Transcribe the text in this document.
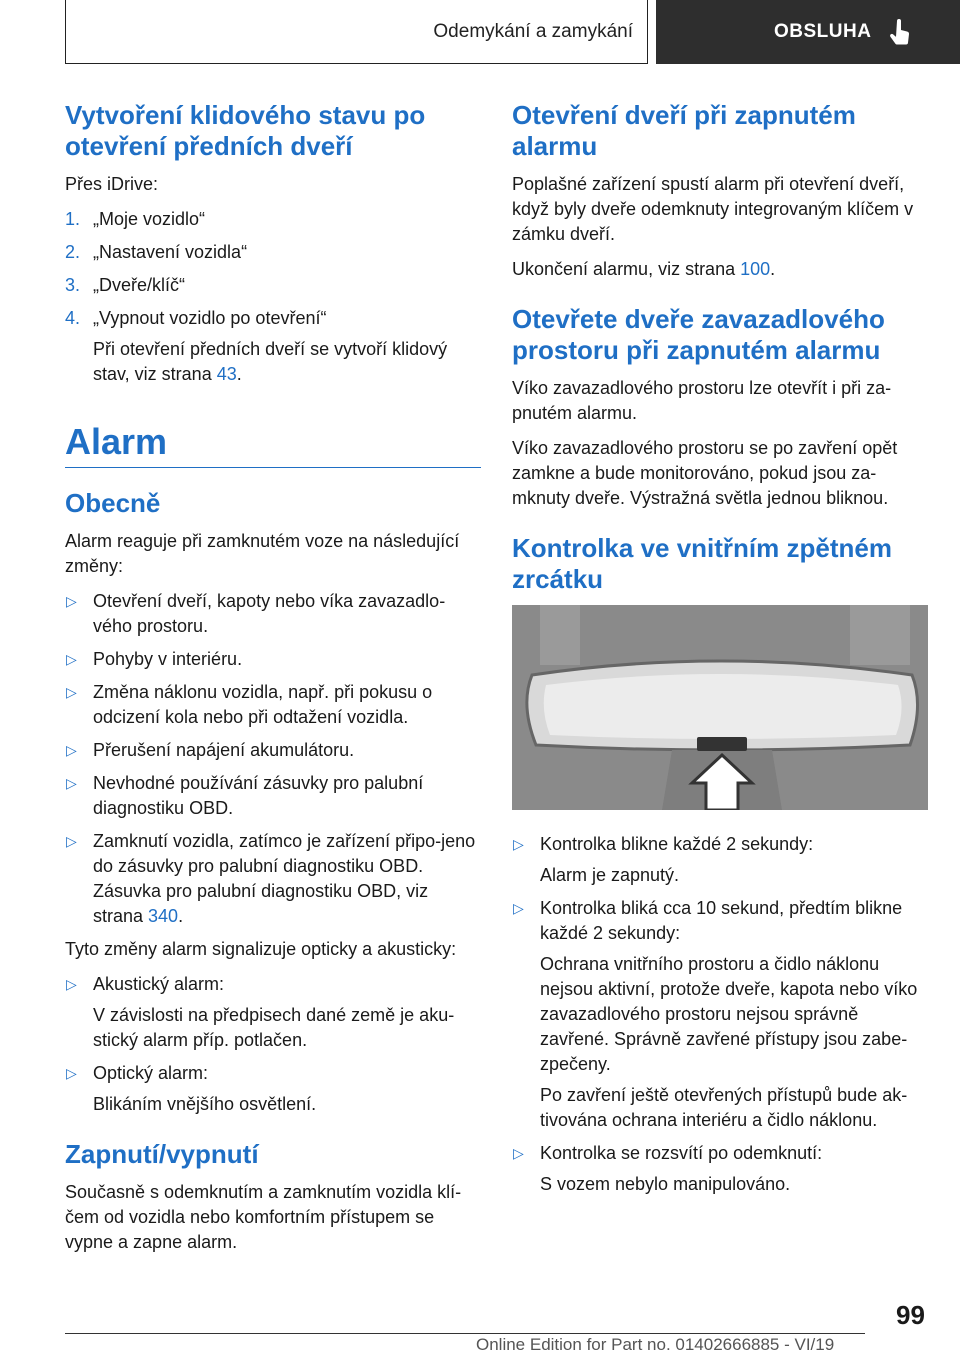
Odemykání a zamykání	OBSLUHA
Vytvoření klidového stavu po otevření předních dveří

Přes iDrive:

1. „Moje vozidlo“
2. „Nastavení vozidla“
3. „Dveře/klíč“
4. „Vypnout vozidlo po otevření“
Při otevření předních dveří se vytvoří klidový stav, viz strana 43.
Alarm
Obecně

Alarm reaguje při zamknutém voze na následující změny:

▷ Otevření dveří, kapoty nebo víka zavazadlo-vého prostoru.
▷ Pohyby v interiéru.
▷ Změna náklonu vozidla, např. při pokusu o odcizení kola nebo při odtažení vozidla.
▷ Přerušení napájení akumulátoru.
▷ Nevhodné používání zásuvky pro palubní diagnostiku OBD.
▷ Zamknutí vozidla, zatímco je zařízení připo-jeno do zásuvky pro palubní diagnostiku OBD. Zásuvka pro palubní diagnostiku OBD, viz strana 340.

Tyto změny alarm signalizuje opticky a akusticky:

▷ Akustický alarm:
V závislosti na předpisech dané země je aku-stický alarm příp. potlačen.
▷ Optický alarm:
Blikáním vnějšího osvětlení.
Zapnutí/vypnutí

Současně s odemknutím a zamknutím vozidla klí-čem od vozidla nebo komfortním přístupem se vypne a zapne alarm.

Otevření dveří při zapnutém alarmu

Poplašné zařízení spustí alarm při otevření dveří, když byly dveře odemknuty integrovaným klíčem v zámku dveří.

Ukončení alarmu, viz strana 100.

Otevřete dveře zavazadlového prostoru při zapnutém alarmu

Víko zavazadlového prostoru lze otevřít i při za-pnutém alarmu.

Víko zavazadlového prostoru se po zavření opět zamkne a bude monitorováno, pokud jsou za-mknuty dveře. Výstražná světla jednou bliknou.

Kontrolka ve vnitřním zpětném zrcátku
▷ Kontrolka blikne každé 2 sekundy:
Alarm je zapnutý.
▷ Kontrolka bliká cca 10 sekund, předtím blikne každé 2 sekundy:
Ochrana vnitřního prostoru a čidlo náklonu nejsou aktivní, protože dveře, kapota nebo víko zavazadlového prostoru nejsou správně zavřené. Správně zavřené přístupy jsou zabe-zpečeny.
Po zavření ještě otevřených přístupů bude ak-tivována ochrana interiéru a čidlo náklonu.
▷ Kontrolka se rozsvítí po odemknutí:
S vozem nebylo manipulováno.
99
Online Edition for Part no. 01402666885 - VI/19
